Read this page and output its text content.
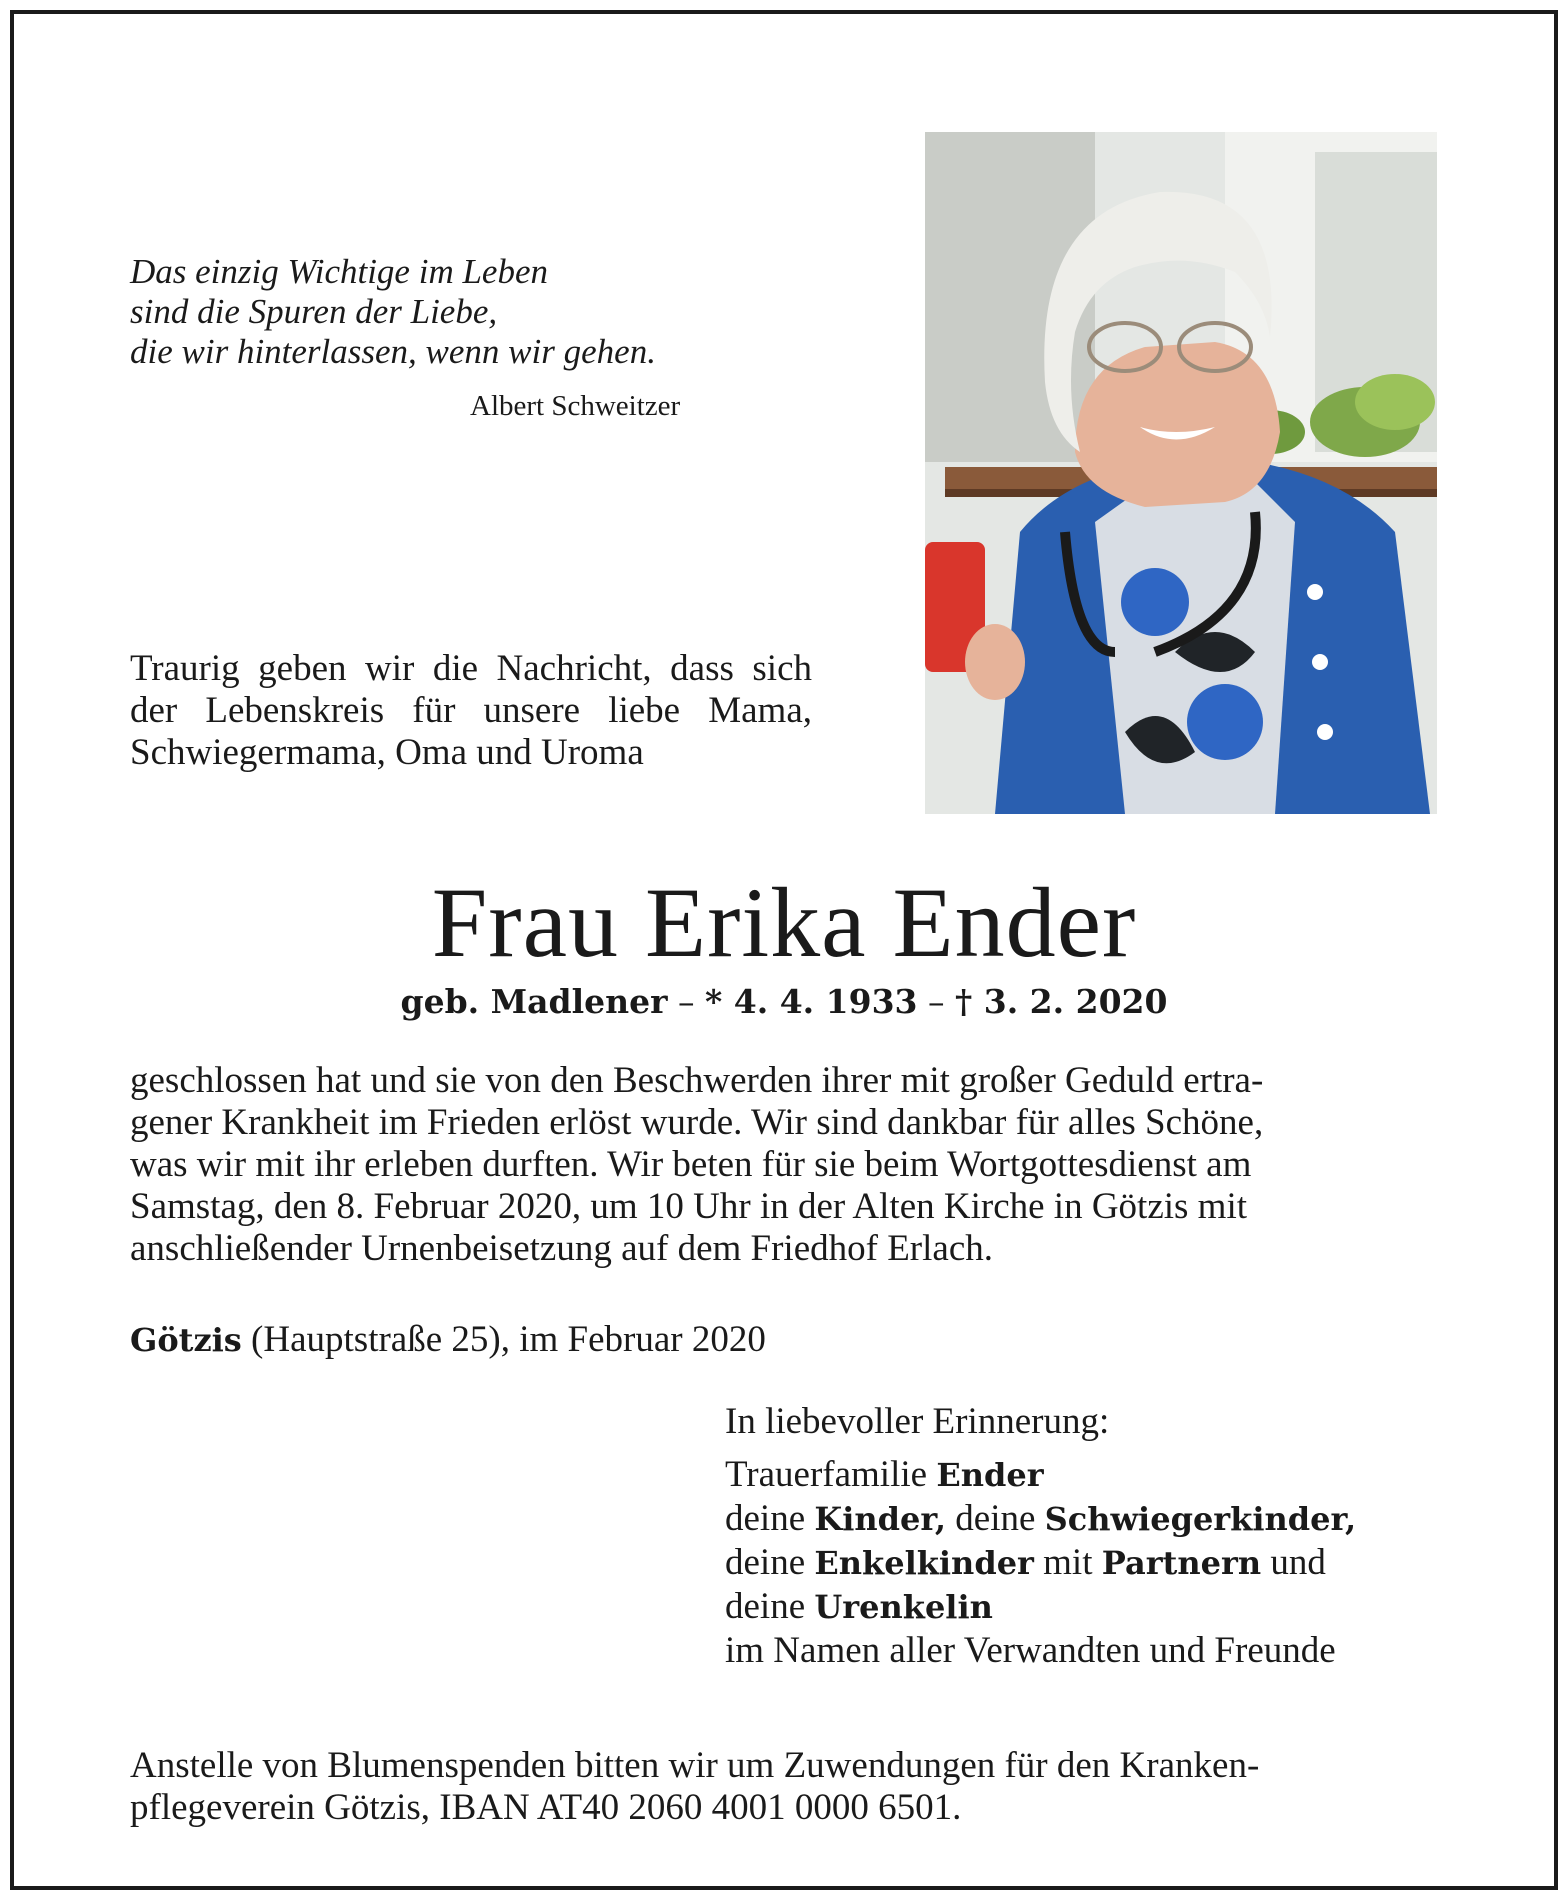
Das einzig Wichtige im Leben
sind die Spuren der Liebe,
die wir hinterlassen, wenn wir gehen.
Albert Schweitzer
Traurig geben wir die Nachricht, dass sich der Lebenskreis für unsere liebe Mama, Schwiegermama, Oma und Uroma
Frau Erika Ender
geb. Madlener – * 4. 4. 1933 – † 3. 2. 2020
geschlossen hat und sie von den Beschwerden ihrer mit großer Geduld ertra-
gener Krankheit im Frieden erlöst wurde. Wir sind dankbar für alles Schöne,
was wir mit ihr erleben durften. Wir beten für sie beim Wortgottesdienst am
Samstag, den 8. Februar 2020, um 10 Uhr in der Alten Kirche in Götzis mit
anschließender Urnenbeisetzung auf dem Friedhof Erlach.
Götzis (Hauptstraße 25), im Februar 2020
In liebevoller Erinnerung:
Trauerfamilie Ender
deine Kinder, deine Schwiegerkinder,
deine Enkelkinder mit Partnern und
deine Urenkelin
im Namen aller Verwandten und Freunde
Anstelle von Blumenspenden bitten wir um Zuwendungen für den Kranken-
pflegeverein Götzis, IBAN AT40 2060 4001 0000 6501.
